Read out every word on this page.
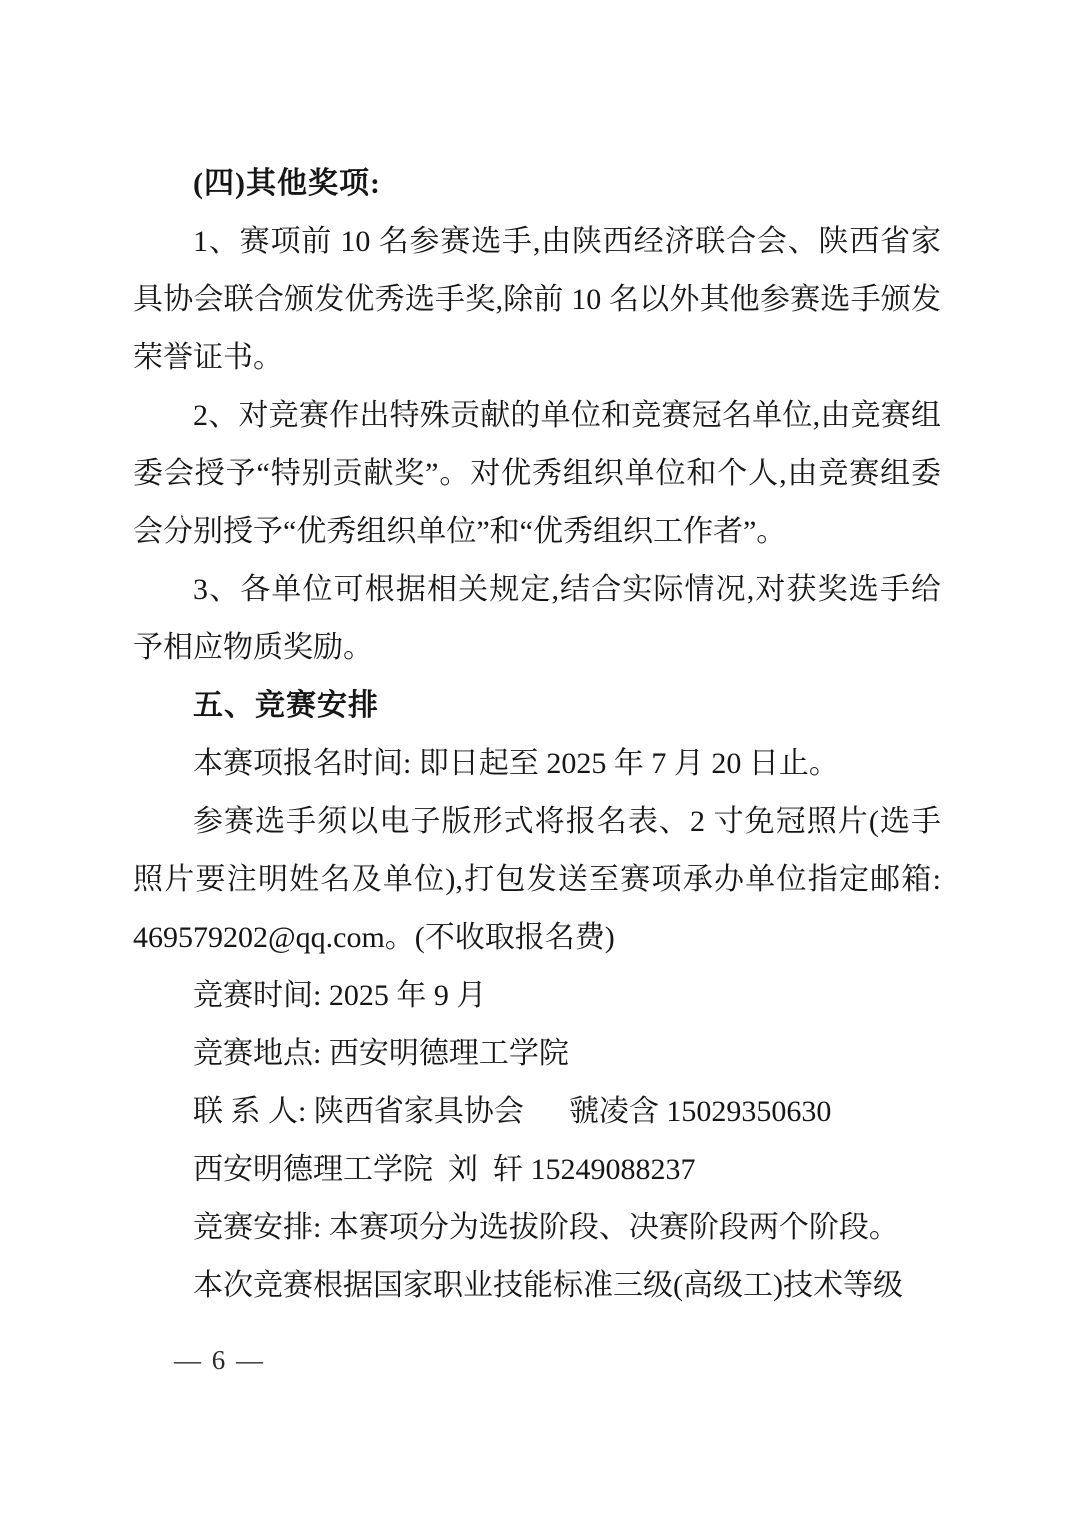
(四)其他奖项:

1、赛项前 10 名参赛选手,由陕西经济联合会、陕西省家具协会联合颁发优秀选手奖,除前 10 名以外其他参赛选手颁发荣誉证书。

2、对竞赛作出特殊贡献的单位和竞赛冠名单位,由竞赛组委会授予“特别贡献奖”。对优秀组织单位和个人,由竞赛组委会分别授予“优秀组织单位”和“优秀组织工作者”。

3、各单位可根据相关规定,结合实际情况,对获奖选手给予相应物质奖励。

五、竞赛安排

本赛项报名时间: 即日起至 2025 年 7 月 20 日止。

参赛选手须以电子版形式将报名表、2 寸免冠照片(选手照片要注明姓名及单位),打包发送至赛项承办单位指定邮箱: 469579202@qq.com。(不收取报名费)

竞赛时间: 2025 年 9 月

竞赛地点: 西安明德理工学院

联 系 人: 陕西省家具协会      虢凌含 15029350630

西安明德理工学院  刘  轩 15249088237

竞赛安排: 本赛项分为选拔阶段、决赛阶段两个阶段。

本次竞赛根据国家职业技能标准三级(高级工)技术等级

— 6 —
